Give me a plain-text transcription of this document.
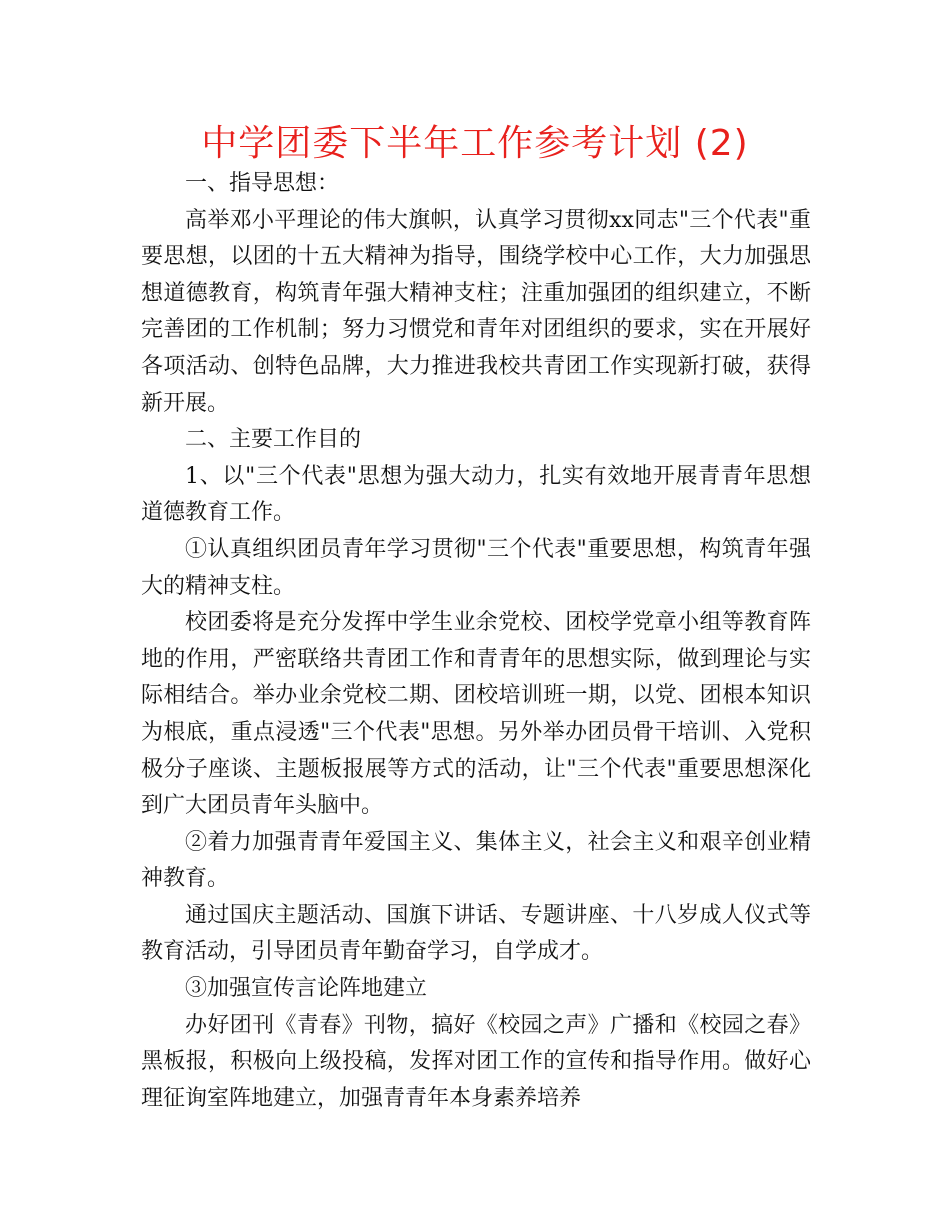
中学团委下半年工作参考计划 (2)

一、指导思想：

高举邓小平理论的伟大旗帜，认真学习贯彻xx同志"三个代表"重要思想，以团的十五大精神为指导，围绕学校中心工作，大力加强思想道德教育，构筑青年强大精神支柱；注重加强团的组织建立，不断完善团的工作机制；努力习惯党和青年对团组织的要求，实在开展好各项活动、创特色品牌，大力推进我校共青团工作实现新打破，获得新开展。

二、主要工作目的

1、以"三个代表"思想为强大动力，扎实有效地开展青青年思想道德教育工作。

①认真组织团员青年学习贯彻"三个代表"重要思想，构筑青年强大的精神支柱。

校团委将是充分发挥中学生业余党校、团校学党章小组等教育阵地的作用，严密联络共青团工作和青青年的思想实际，做到理论与实际相结合。举办业余党校二期、团校培训班一期，以党、团根本知识为根底，重点浸透"三个代表"思想。另外举办团员骨干培训、入党积极分子座谈、主题板报展等方式的活动，让"三个代表"重要思想深化到广大团员青年头脑中。

②着力加强青青年爱国主义、集体主义，社会主义和艰辛创业精神教育。

通过国庆主题活动、国旗下讲话、专题讲座、十八岁成人仪式等教育活动，引导团员青年勤奋学习，自学成才。

③加强宣传言论阵地建立

办好团刊《青春》刊物，搞好《校园之声》广播和《校园之春》黑板报，积极向上级投稿，发挥对团工作的宣传和指导作用。做好心理征询室阵地建立，加强青青年本身素养培养
